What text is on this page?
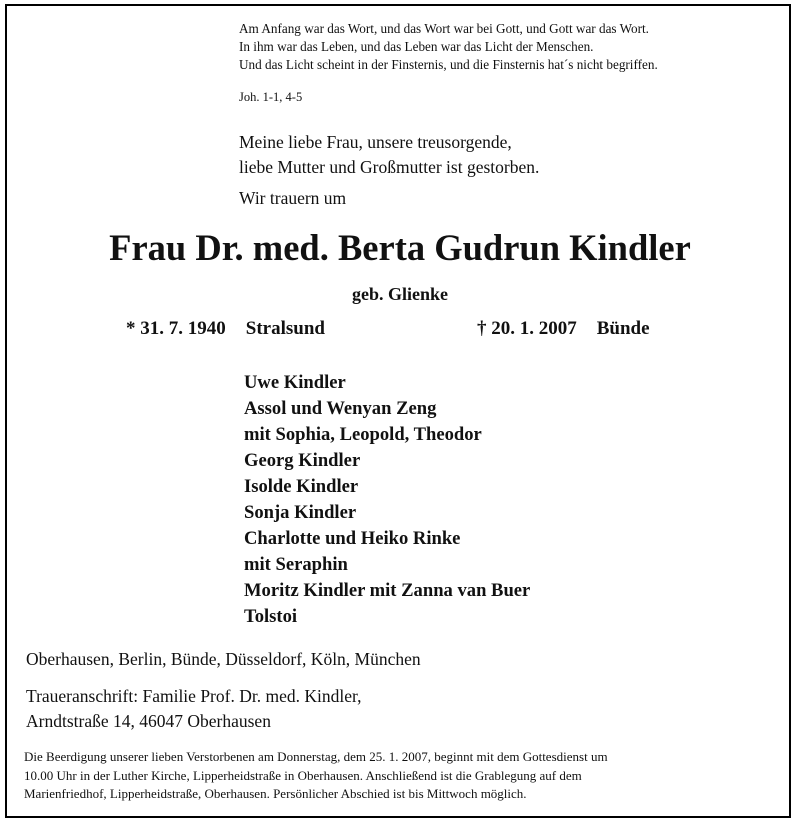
Am Anfang war das Wort, und das Wort war bei Gott, und Gott war das Wort.
In ihm war das Leben, und das Leben war das Licht der Menschen.
Und das Licht scheint in der Finsternis, und die Finsternis hat´s nicht begriffen.
Joh. 1-1, 4-5
Meine liebe Frau, unsere treusorgende,
liebe Mutter und Großmutter ist gestorben.
Wir trauern um
Frau Dr. med. Berta Gudrun Kindler
geb. Glienke
* 31. 7. 1940 Stralsund	† 20. 1. 2007 Bünde
Uwe Kindler
Assol und Wenyan Zeng
mit Sophia, Leopold, Theodor
Georg Kindler
Isolde Kindler
Sonja Kindler
Charlotte und Heiko Rinke
mit Seraphin
Moritz Kindler mit Zanna van Buer
Tolstoi
Oberhausen, Berlin, Bünde, Düsseldorf, Köln, München
Traueranschrift: Familie Prof. Dr. med. Kindler,
Arndtstraße 14, 46047 Oberhausen
Die Beerdigung unserer lieben Verstorbenen am Donnerstag, dem 25. 1. 2007, beginnt mit dem Gottesdienst um
10.00 Uhr in der Luther Kirche, Lipperheidstraße in Oberhausen. Anschließend ist die Grablegung auf dem
Marienfriedhof, Lipperheidstraße, Oberhausen. Persönlicher Abschied ist bis Mittwoch möglich.
